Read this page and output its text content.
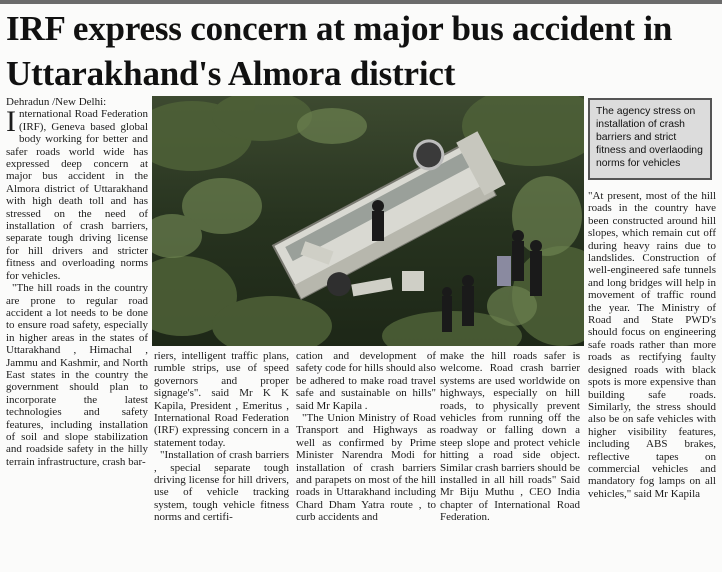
IRF express concern at major bus accident in Uttarakhand's Almora district

Dehradun /New Delhi:

International Road Federation (IRF), Geneva based global body working for better and safer roads world wide has expressed deep concern at major bus accident in the Almora district of Uttarakhand with high death toll and has stressed on the need of installation of crash barriers, separate tough driving license for hill drivers and stricter fitness and overloading norms for vehicles.

"The hill roads in the country are prone to regular road accident a lot needs to be done to ensure road safety, especially in higher areas in the states of Uttarakhand , Himachal , Jammu and Kashmir, and North East states in the country the government should plan to incorporate the latest technologies and safety features, including installation of soil and slope stabilization and roadside safety in the hilly terrain infrastructure, crash bar-

riers, intelligent traffic plans, rumble strips, use of speed governors and proper signage's". said Mr K K Kapila, President , Emeritus , International Road Federation (IRF) expressing concern in a statement today.

"Installation of crash barriers , special separate tough driving license for hill drivers, use of vehicle tracking system, tough vehicle fitness norms and certifi-

cation and development of safety code for hills should also be adhered to make road travel safe and sustainable on hills" said Mr Kapila .

"The Union Ministry of Road Transport and Highways as well as confirmed by Prime Minister Narendra Modi for installation of crash barriers and parapets on most of the hill roads in Uttarakhand including Chard Dham Yatra route , to curb accidents and

make the hill roads safer is welcome. Road crash barrier systems are used worldwide on highways, especially on hill roads, to physically prevent vehicles from running off the roadway or falling down a steep slope and protect vehicle hitting a road side object. Similar crash barriers should be installed in all hill roads" Said Mr Biju Muthu , CEO India chapter of International Road Federation.

The agency stress on installation of crash barriers and strict fitness and overlaoding norms for vehicles

"At present, most of the hill roads in the country have been constructed around hill slopes, which remain cut off during heavy rains due to landslides. Construction of well-engineered safe tunnels and long bridges will help in movement of traffic round the year. The Ministry of Road and State PWD's should focus on engineering safe roads rather than more roads as rectifying faulty designed roads with black spots is more expensive than building safe roads. Similarly, the stress should also be on safe vehicles with higher visibility features, including ABS brakes, reflective tapes on commercial vehicles and mandatory fog lamps on all vehicles," said Mr Kapila
